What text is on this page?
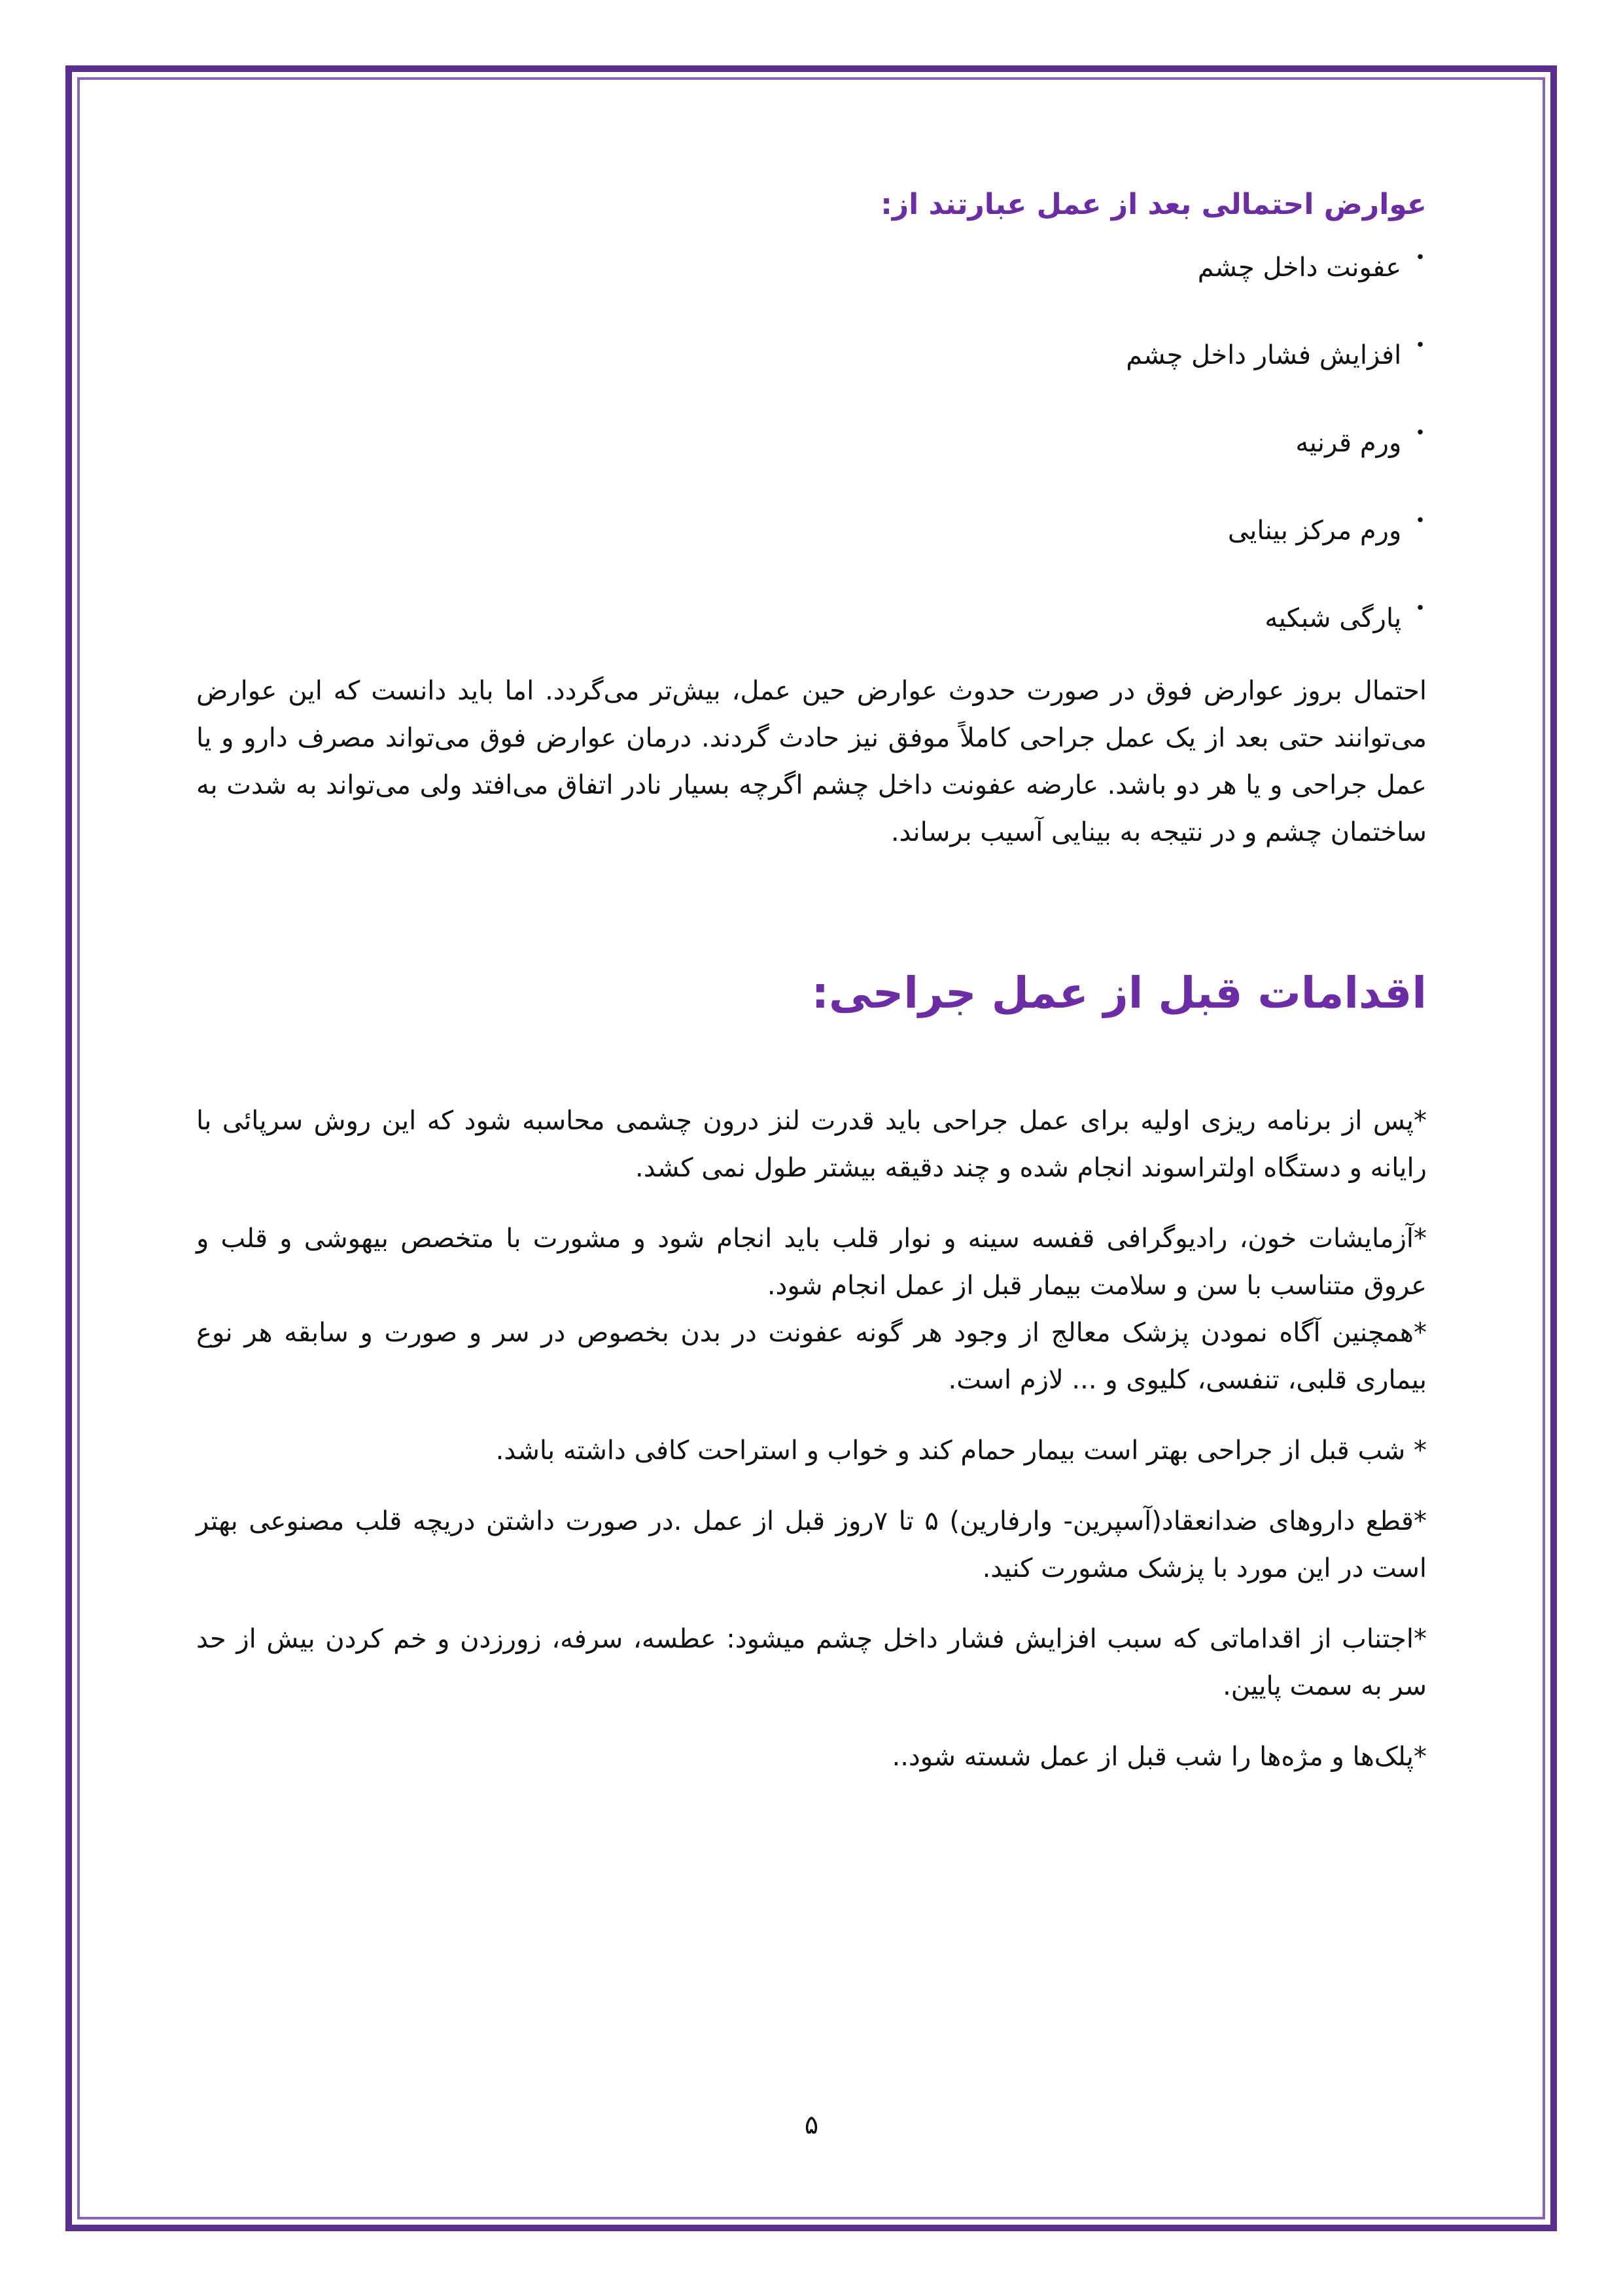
عوارض احتمالی بعد از عمل عبارتند از:
• عفونت داخل چشم
• افزایش فشار داخل چشم
• ورم قرنیه
• ورم مرکز بینایی
• پارگی شبکیه

احتمال بروز عوارض فوق در صورت حدوث عوارض حین عمل، بیش‌تر می‌گردد. اما باید دانست که این عوارض می‌توانند حتی بعد از یک عمل جراحی کاملاً موفق نیز حادث گردند. درمان عوارض فوق می‌تواند مصرف دارو و یا عمل جراحی و یا هر دو باشد. عارضه عفونت داخل چشم اگرچه بسیار نادر اتفاق می‌افتد ولی می‌تواند به شدت به ساختمان چشم و در نتیجه به بینایی آسیب برساند.

اقدامات قبل از عمل جراحی:

*پس از برنامه ریزی اولیه برای عمل جراحی باید قدرت لنز درون چشمی محاسبه شود که این روش سرپائی با رایانه و دستگاه اولتراسوند انجام شده و چند دقیقه بیشتر طول نمی کشد.

*آزمایشات خون، رادیوگرافی قفسه سینه و نوار قلب باید انجام شود و مشورت با متخصص بیهوشی و قلب و عروق متناسب با سن و سلامت بیمار قبل از عمل انجام شود.
*همچنین آگاه نمودن پزشک معالج از وجود هر گونه عفونت در بدن بخصوص در سر و صورت و سابقه هر نوع بیماری قلبی، تنفسی، کلیوی و ... لازم است.

* شب قبل از جراحی بهتر است بیمار حمام کند و خواب و استراحت کافی داشته باشد.

*قطع داروهای ضدانعقاد(آسپرین- وارفارین) ۵ تا ۷روز قبل از عمل .در صورت داشتن دریچه قلب مصنوعی بهتر است در این مورد با پزشک مشورت کنید.

*اجتناب از اقداماتی که سبب افزایش فشار داخل چشم میشود: عطسه، سرفه، زورزدن و خم کردن بیش از حد سر به سمت پایین.

*پلک‌ها و مژه‌ها را شب قبل از عمل شسته شود..

۵
